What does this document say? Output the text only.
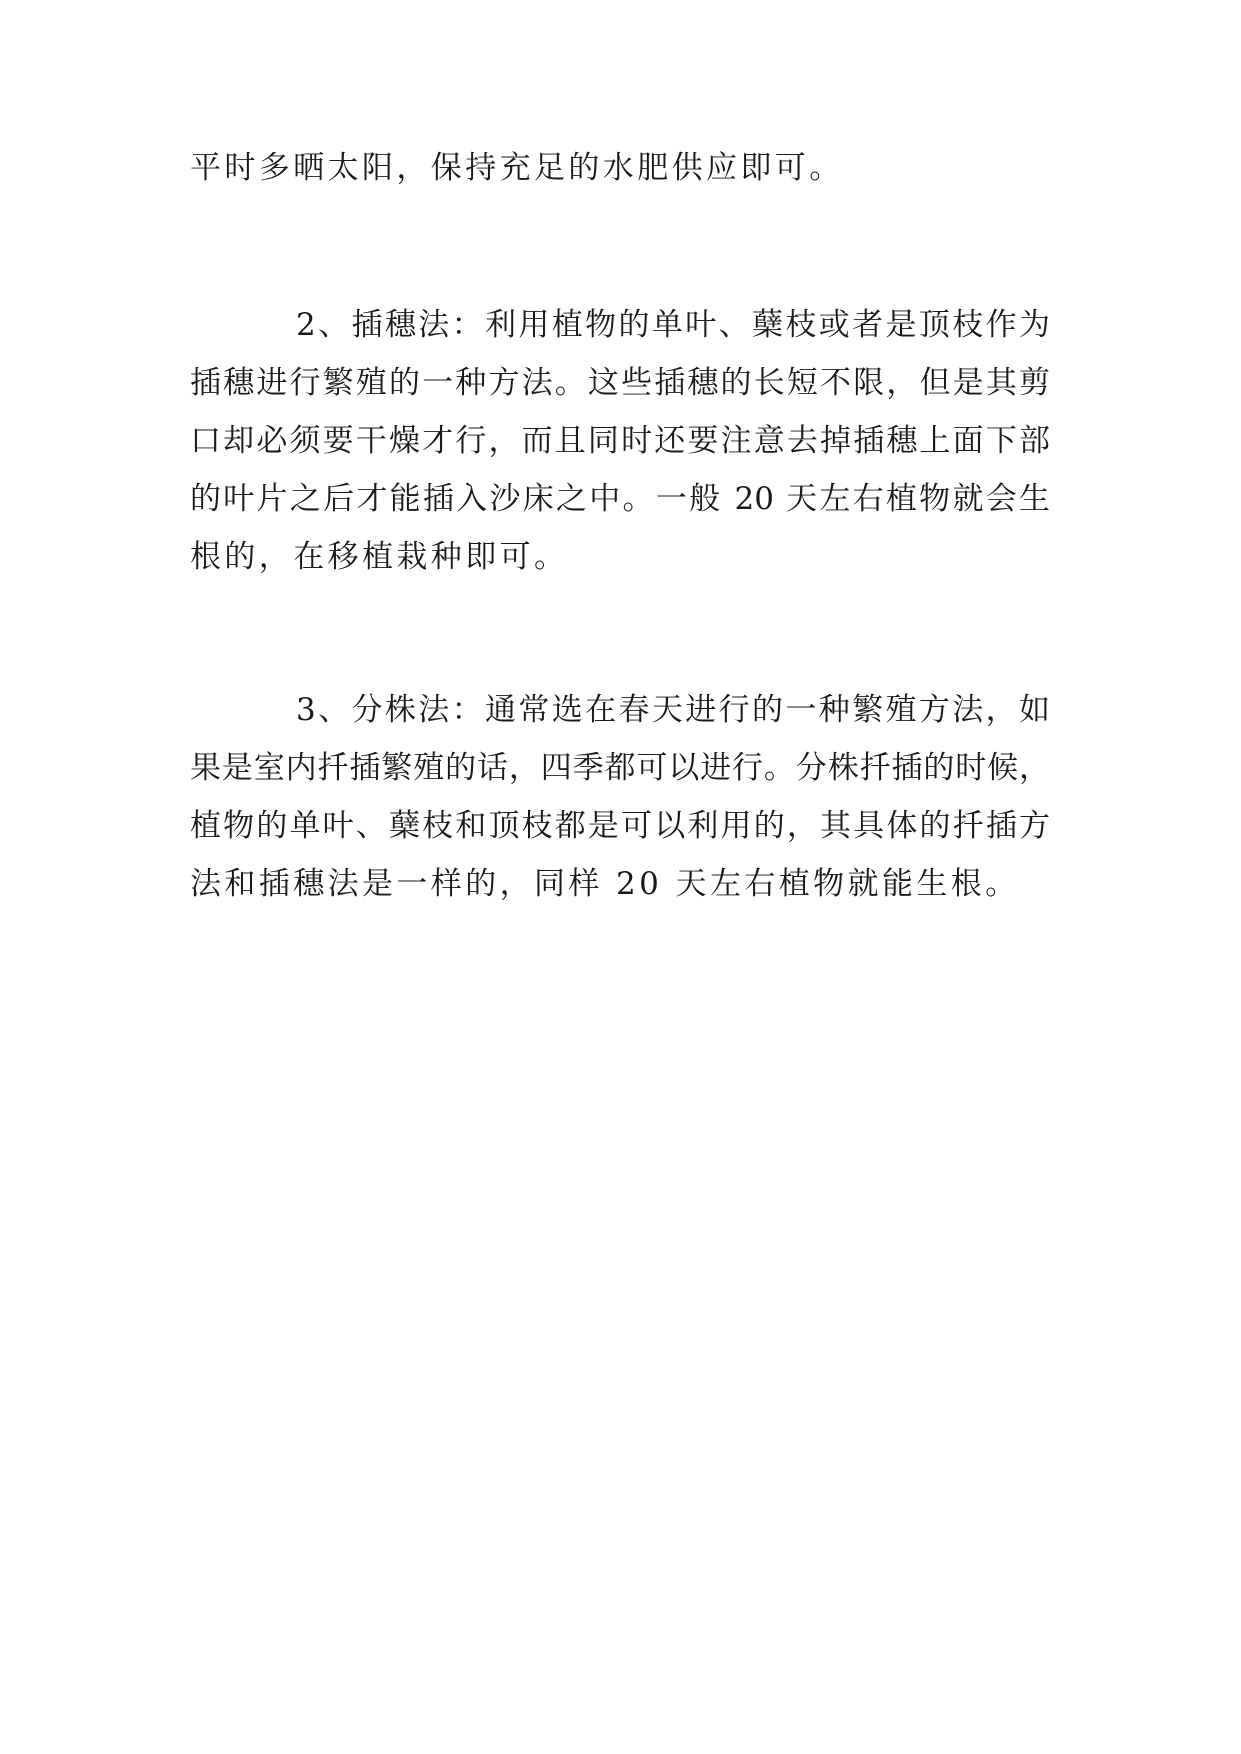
平时多晒太阳，保持充足的水肥供应即可。
2、插穗法：利用植物的单叶、蘖枝或者是顶枝作为
插穗进行繁殖的一种方法。这些插穗的长短不限，但是其剪
口却必须要干燥才行，而且同时还要注意去掉插穗上面下部
的叶片之后才能插入沙床之中。一般 20 天左右植物就会生
根的，在移植栽种即可。
3、分株法：通常选在春天进行的一种繁殖方法，如
果是室内扦插繁殖的话，四季都可以进行。分株扦插的时候，
植物的单叶、蘖枝和顶枝都是可以利用的，其具体的扦插方
法和插穗法是一样的，同样 20 天左右植物就能生根。
